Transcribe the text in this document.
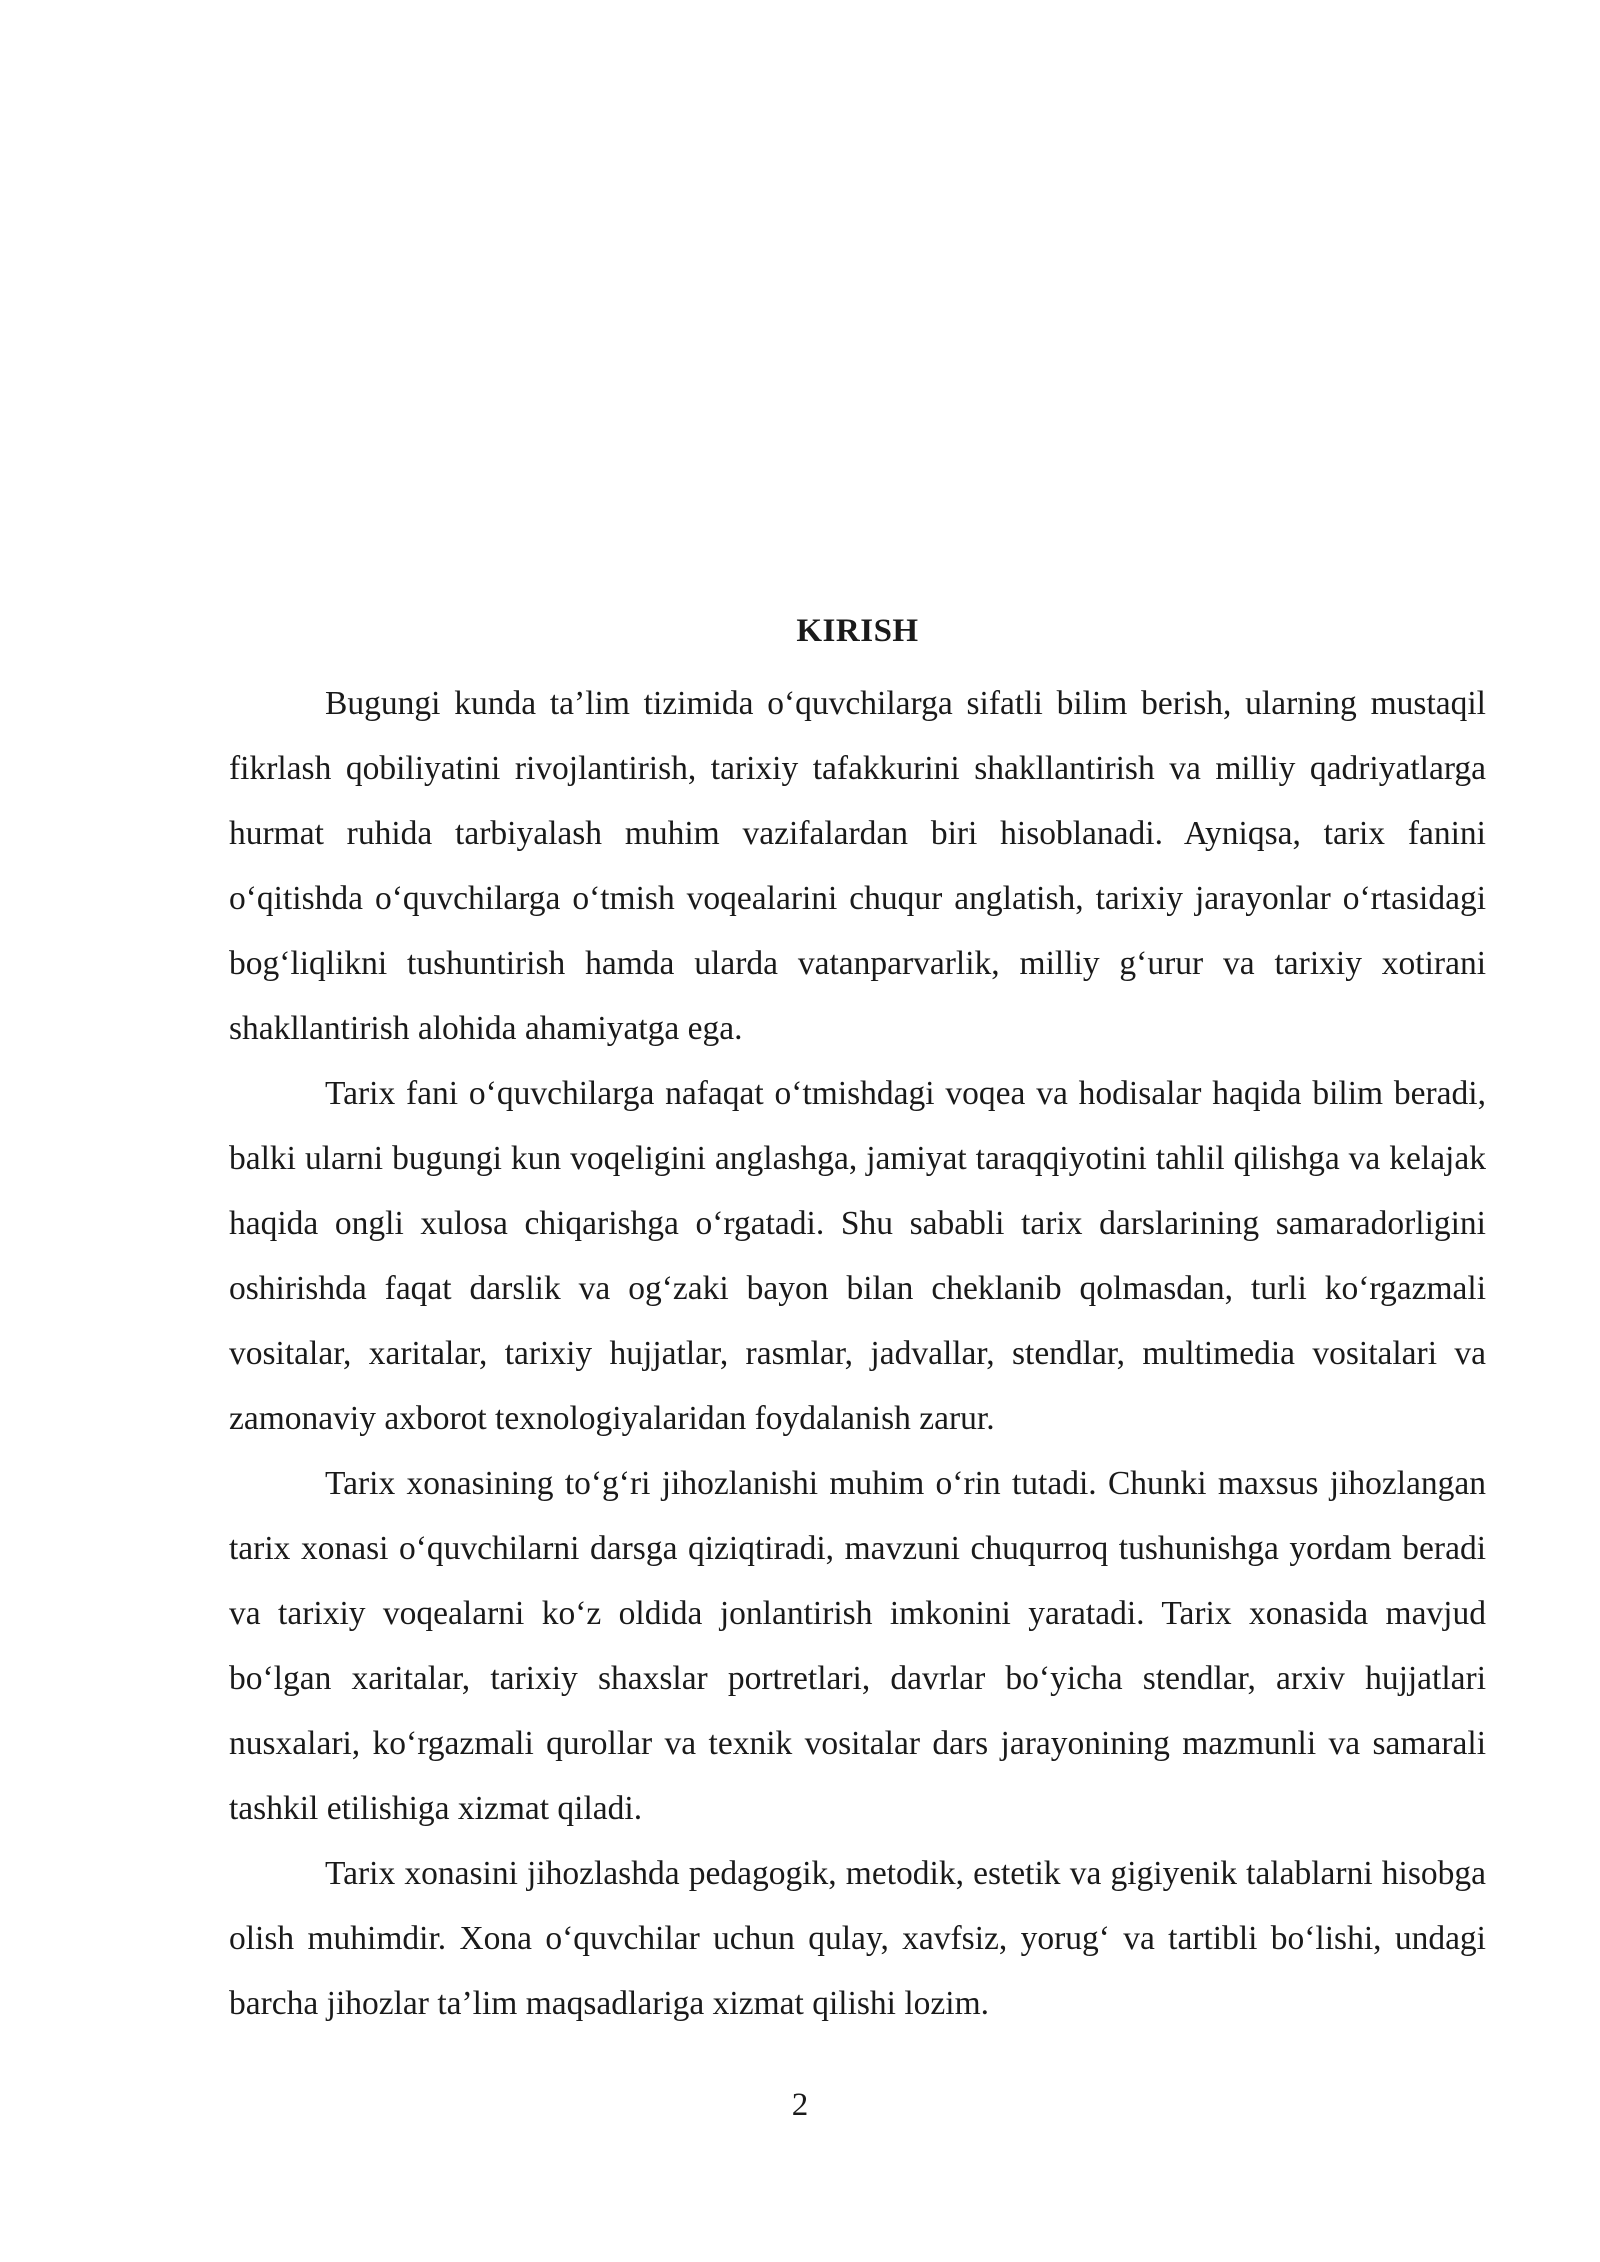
KIRISH

Bugungi kunda ta’lim tizimida o‘quvchilarga sifatli bilim berish, ularning mustaqil fikrlash qobiliyatini rivojlantirish, tarixiy tafakkurini shakllantirish va milliy qadriyatlarga hurmat ruhida tarbiyalash muhim vazifalardan biri hisoblanadi. Ayniqsa, tarix fanini o‘qitishda o‘quvchilarga o‘tmish voqealarini chuqur anglatish, tarixiy jarayonlar o‘rtasidagi bog‘liqlikni tushuntirish hamda ularda vatanparvarlik, milliy g‘urur va tarixiy xotirani shakllantirish alohida ahamiyatga ega.

Tarix fani o‘quvchilarga nafaqat o‘tmishdagi voqea va hodisalar haqida bilim beradi, balki ularni bugungi kun voqeligini anglashga, jamiyat taraqqiyotini tahlil qilishga va kelajak haqida ongli xulosa chiqarishga o‘rgatadi. Shu sababli tarix darslarining samaradorligini oshirishda faqat darslik va og‘zaki bayon bilan cheklanib qolmasdan, turli ko‘rgazmali vositalar, xaritalar, tarixiy hujjatlar, rasmlar, jadvallar, stendlar, multimedia vositalari va zamonaviy axborot texnologiyalaridan foydalanish zarur.

Tarix xonasining to‘g‘ri jihozlanishi muhim o‘rin tutadi. Chunki maxsus jihozlangan tarix xonasi o‘quvchilarni darsga qiziqtiradi, mavzuni chuqurroq tushunishga yordam beradi va tarixiy voqealarni ko‘z oldida jonlantirish imkonini yaratadi. Tarix xonasida mavjud bo‘lgan xaritalar, tarixiy shaxslar portretlari, davrlar bo‘yicha stendlar, arxiv hujjatlari nusxalari, ko‘rgazmali qurollar va texnik vositalar dars jarayonining mazmunli va samarali tashkil etilishiga xizmat qiladi.

Tarix xonasini jihozlashda pedagogik, metodik, estetik va gigiyenik talablarni hisobga olish muhimdir. Xona o‘quvchilar uchun qulay, xavfsiz, yorug‘ va tartibli bo‘lishi, undagi barcha jihozlar ta’lim maqsadlariga xizmat qilishi lozim.

2
